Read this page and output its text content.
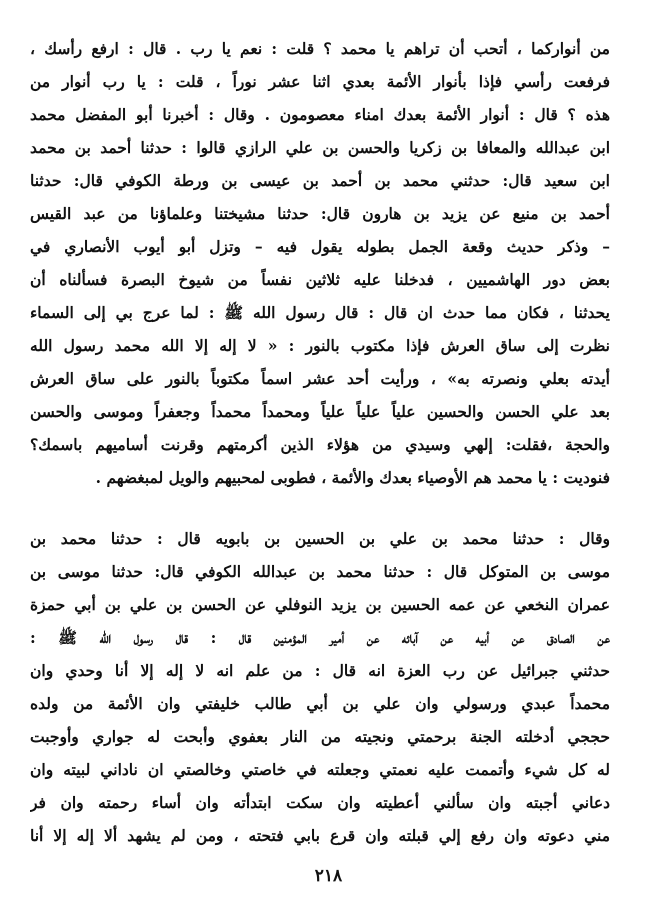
من أنواركما ، أتحب أن تراهم يا محمد ؟ قلت : نعم يا رب . قال : ارفع رأسك ،
فرفعت رأسي فإذا بأنوار الأئمة بعدي اثنا عشر نوراً ، قلت : يا رب أنوار من
هذه ؟ قال : أنوار الأئمة بعدك امناء معصومون . وقال : أخبرنا أبو المفضل محمد
ابن عبدالله والمعافا بن زكريا والحسن بن علي الرازي قالوا : حدثنا أحمد بن محمد
ابن سعيد قال: حدثني محمد بن أحمد بن عيسى بن ورطة الكوفي قال: حدثنا
أحمد بن منيع عن يزيد بن هارون قال: حدثنا مشيختنا وعلماؤنا من عبد القيس
– وذكر حديث وقعة الجمل بطوله يقول فيه – وتزل أبو أيوب الأنصاري في
بعض دور الهاشميين ، فدخلنا عليه ثلاثين نفساً من شيوخ البصرة فسألناه أن
يحدثنا ، فكان مما حدث ان قال : قال رسول الله ﷺ : لما عرج بي إلى السماء
نظرت إلى ساق العرش فإذا مكتوب بالنور : « لا إله إلا الله محمد رسول الله
أيدته بعلي ونصرته به» ، ورأيت أحد عشر اسماً مكتوباً بالنور على ساق العرش
بعد علي الحسن والحسين علياً علياً علياً ومحمداً محمداً وجعفراً وموسى والحسن
والحجة ،فقلت: إلهي وسيدي من هؤلاء الذين أكرمتهم وقرنت أساميهم باسمك؟
فنوديت : يا محمد هم الأوصياء بعدك والأئمة ، فطوبى لمحبيهم والويل لمبغضهم .
وقال : حدثنا محمد بن علي بن الحسين بن بابويه قال : حدثنا محمد بن
موسى بن المتوكل قال : حدثنا محمد بن عبدالله الكوفي قال: حدثنا موسى بن
عمران النخعي عن عمه الحسين بن يزيد النوفلي عن الحسن بن علي بن أبي حمزة
عن الصادق عن أبيه عن آبائه عن أمير المؤمنين قال : قال رسول الله ﷺ :
حدثني جبرائيل عن رب العزة انه قال : من علم انه لا إله إلا أنا وحدي وان
محمداً عبدي ورسولي وان علي بن أبي طالب خليفتي وان الأئمة من ولده
حججي أدخلته الجنة برحمتي ونجيته من النار بعفوي وأبحت له جواري وأوجبت
له كل شيء وأتممت عليه نعمتي وجعلته في خاصتي وخالصتي ان ناداني لبيته وان
دعاني أجبته وان سألني أعطيته وان سكت ابتدأته وان أساء رحمته وان فر
مني دعوته وان رفع إلي قبلته وان قرع بابي فتحته ، ومن لم يشهد ألا إله إلا أنا
٢١٨
